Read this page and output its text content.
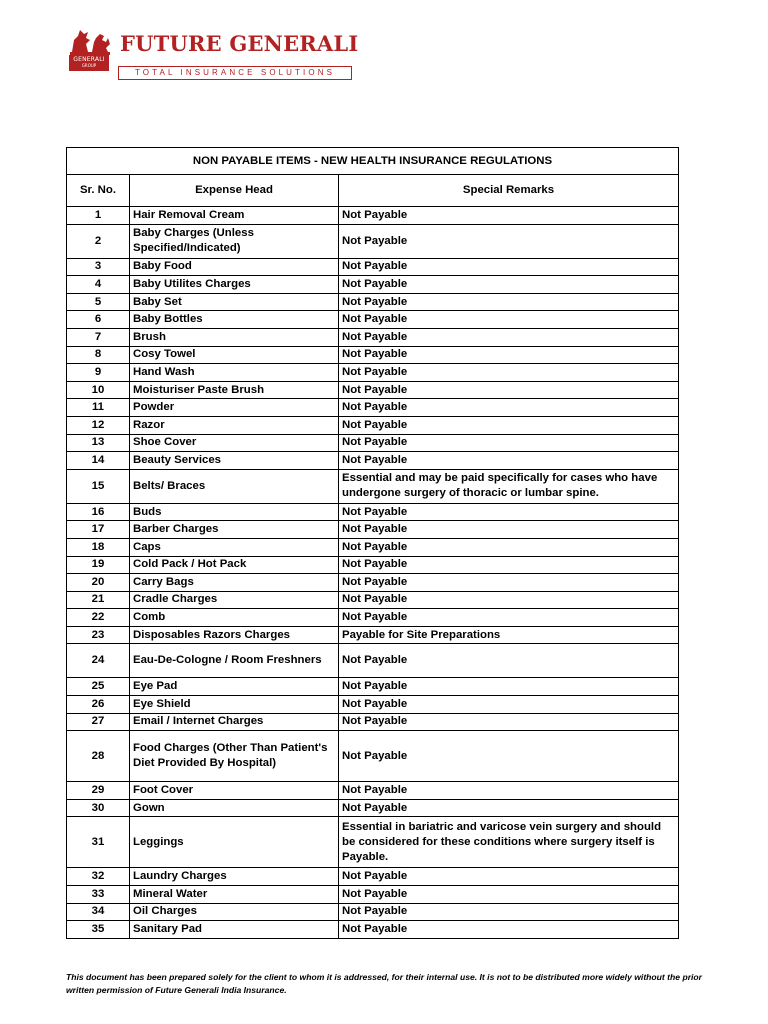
GENERALI
GROUP
FUTURE GENERALI
TOTAL INSURANCE SOLUTIONS
NON PAYABLE ITEMS - NEW HEALTH INSURANCE REGULATIONS		
Sr. No.	Expense Head	Special Remarks
1	Hair Removal Cream	Not Payable
2	Baby Charges (Unless Specified/Indicated)	Not Payable
3	Baby Food	Not Payable
4	Baby Utilites Charges	Not Payable
5	Baby Set	Not Payable
6	Baby Bottles	Not Payable
7	Brush	Not Payable
8	Cosy Towel	Not Payable
9	Hand Wash	Not Payable
10	Moisturiser Paste Brush	Not Payable
11	Powder	Not Payable
12	Razor	Not Payable
13	Shoe Cover	Not Payable
14	Beauty Services	Not Payable
15	Belts/ Braces	Essential and may be paid specifically for cases who have undergone surgery of thoracic or lumbar spine.
16	Buds	Not Payable
17	Barber Charges	Not Payable
18	Caps	Not Payable
19	Cold Pack / Hot Pack	Not Payable
20	Carry Bags	Not Payable
21	Cradle Charges	Not Payable
22	Comb	Not Payable
23	Disposables Razors Charges	Payable for Site Preparations
24	Eau-De-Cologne / Room Freshners	Not Payable
25	Eye Pad	Not Payable
26	Eye Shield	Not Payable
27	Email / Internet Charges	Not Payable
28	Food Charges (Other Than Patient's Diet Provided By Hospital)	Not Payable
29	Foot Cover	Not Payable
30	Gown	Not Payable
31	Leggings	Essential in bariatric and varicose vein surgery and should be considered for these conditions where surgery itself is Payable.
32	Laundry Charges	Not Payable
33	Mineral Water	Not Payable
34	Oil Charges	Not Payable
35	Sanitary Pad	Not Payable
This document has been prepared solely for the client to whom it is addressed, for their internal use. It is not to be distributed more widely without the prior written permission of Future Generali India Insurance.
